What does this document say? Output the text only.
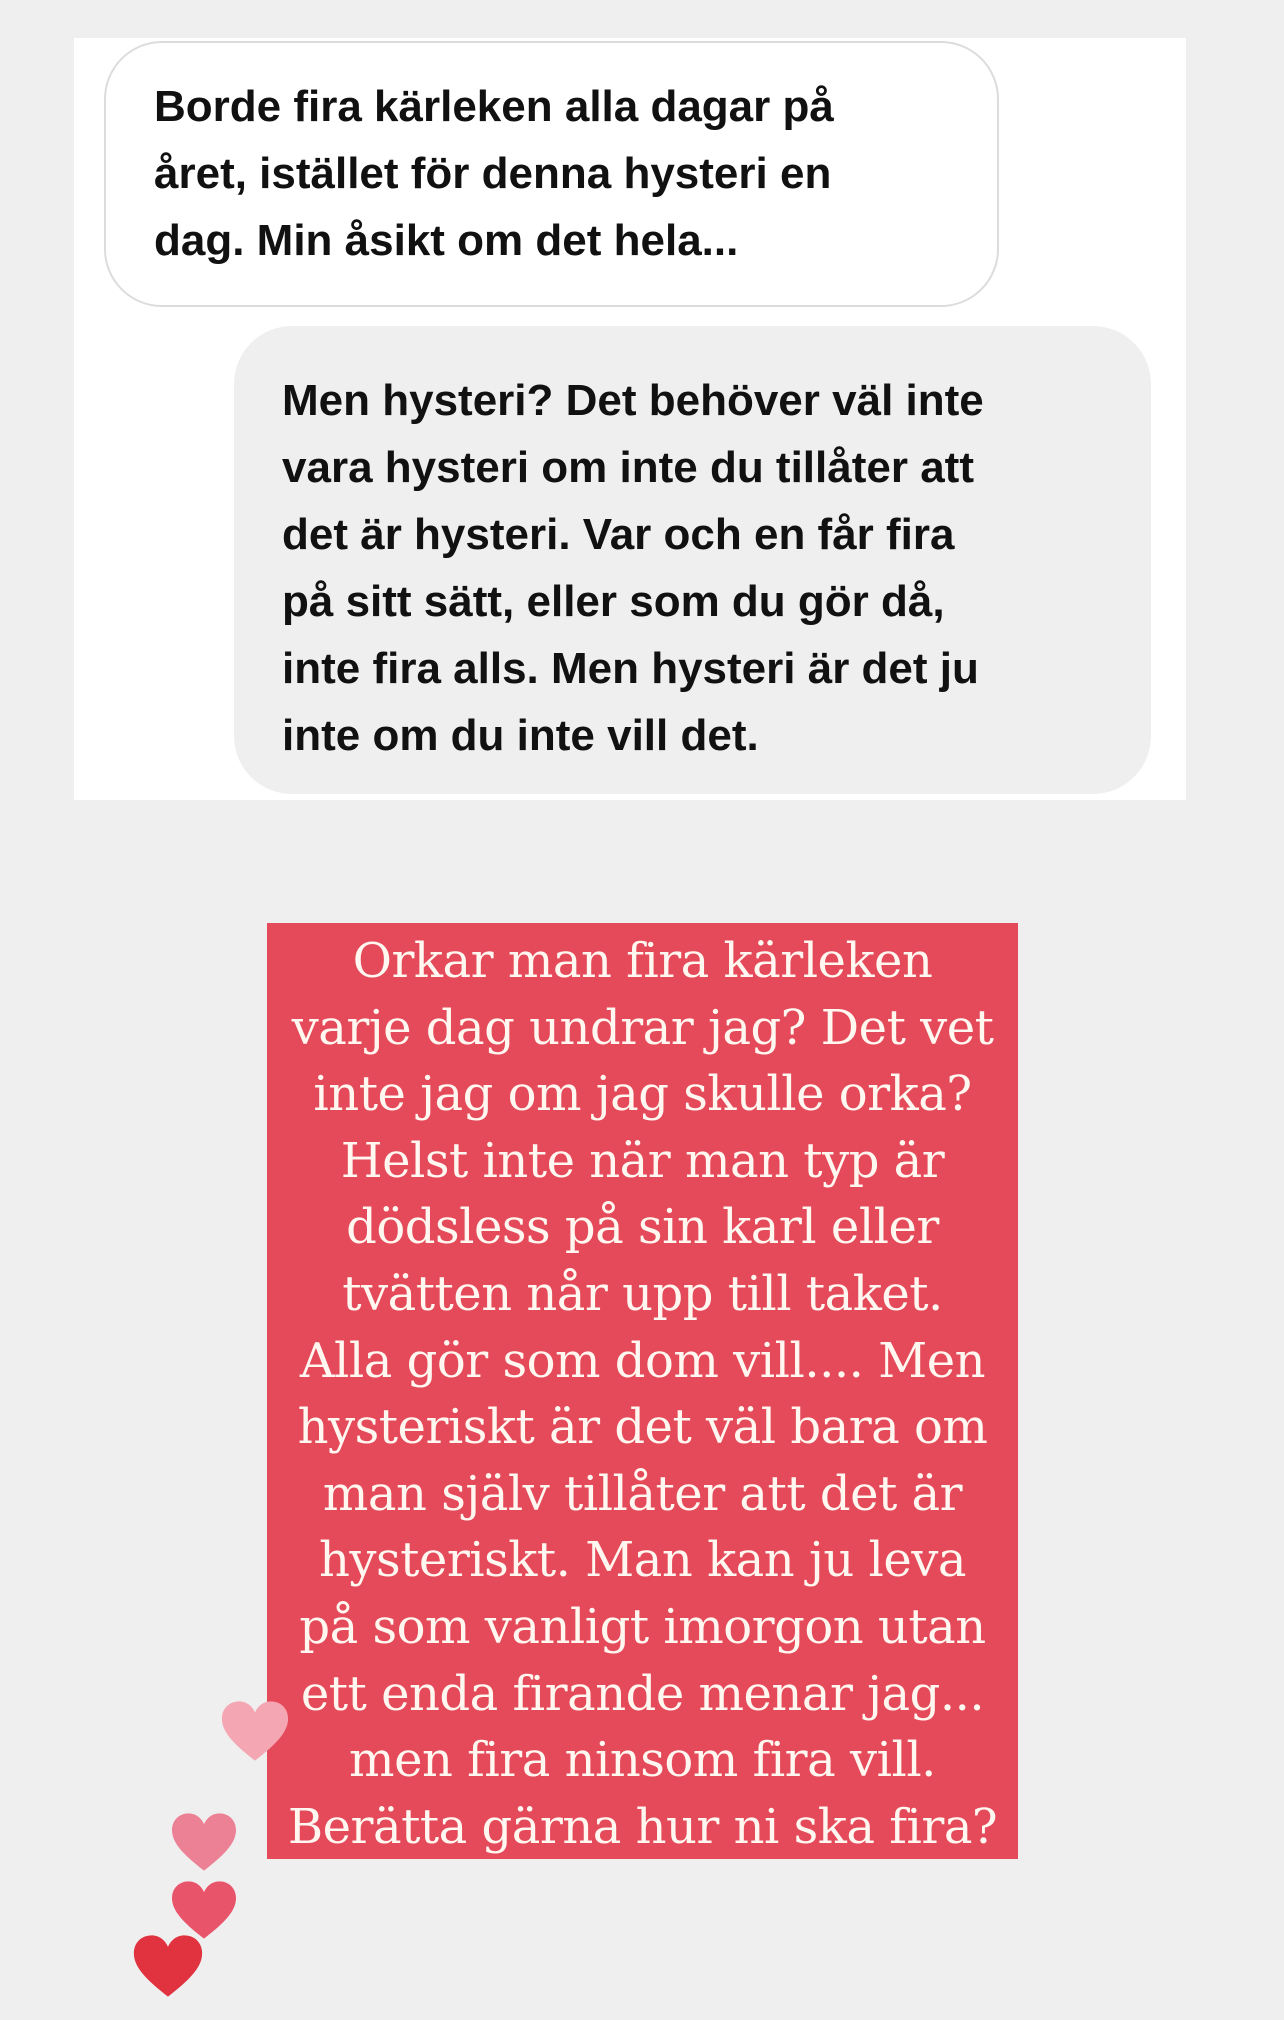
Borde fira kärleken alla dagar på
året, istället för denna hysteri en
dag. Min åsikt om det hela...
Men hysteri? Det behöver väl inte
vara hysteri om inte du tillåter att
det är hysteri. Var och en får fira
på sitt sätt, eller som du gör då,
inte fira alls. Men hysteri är det ju
inte om du inte vill det.

Orkar man fira kärleken
varje dag undrar jag? Det vet
inte jag om jag skulle orka?
Helst inte när man typ är
dödsless på sin karl eller
tvätten når upp till taket.
Alla gör som dom vill.... Men
hysteriskt är det väl bara om
man själv tillåter att det är
hysteriskt. Man kan ju leva
på som vanligt imorgon utan
ett enda firande menar jag...
men fira ninsom fira vill.
Berätta gärna hur ni ska fira?
